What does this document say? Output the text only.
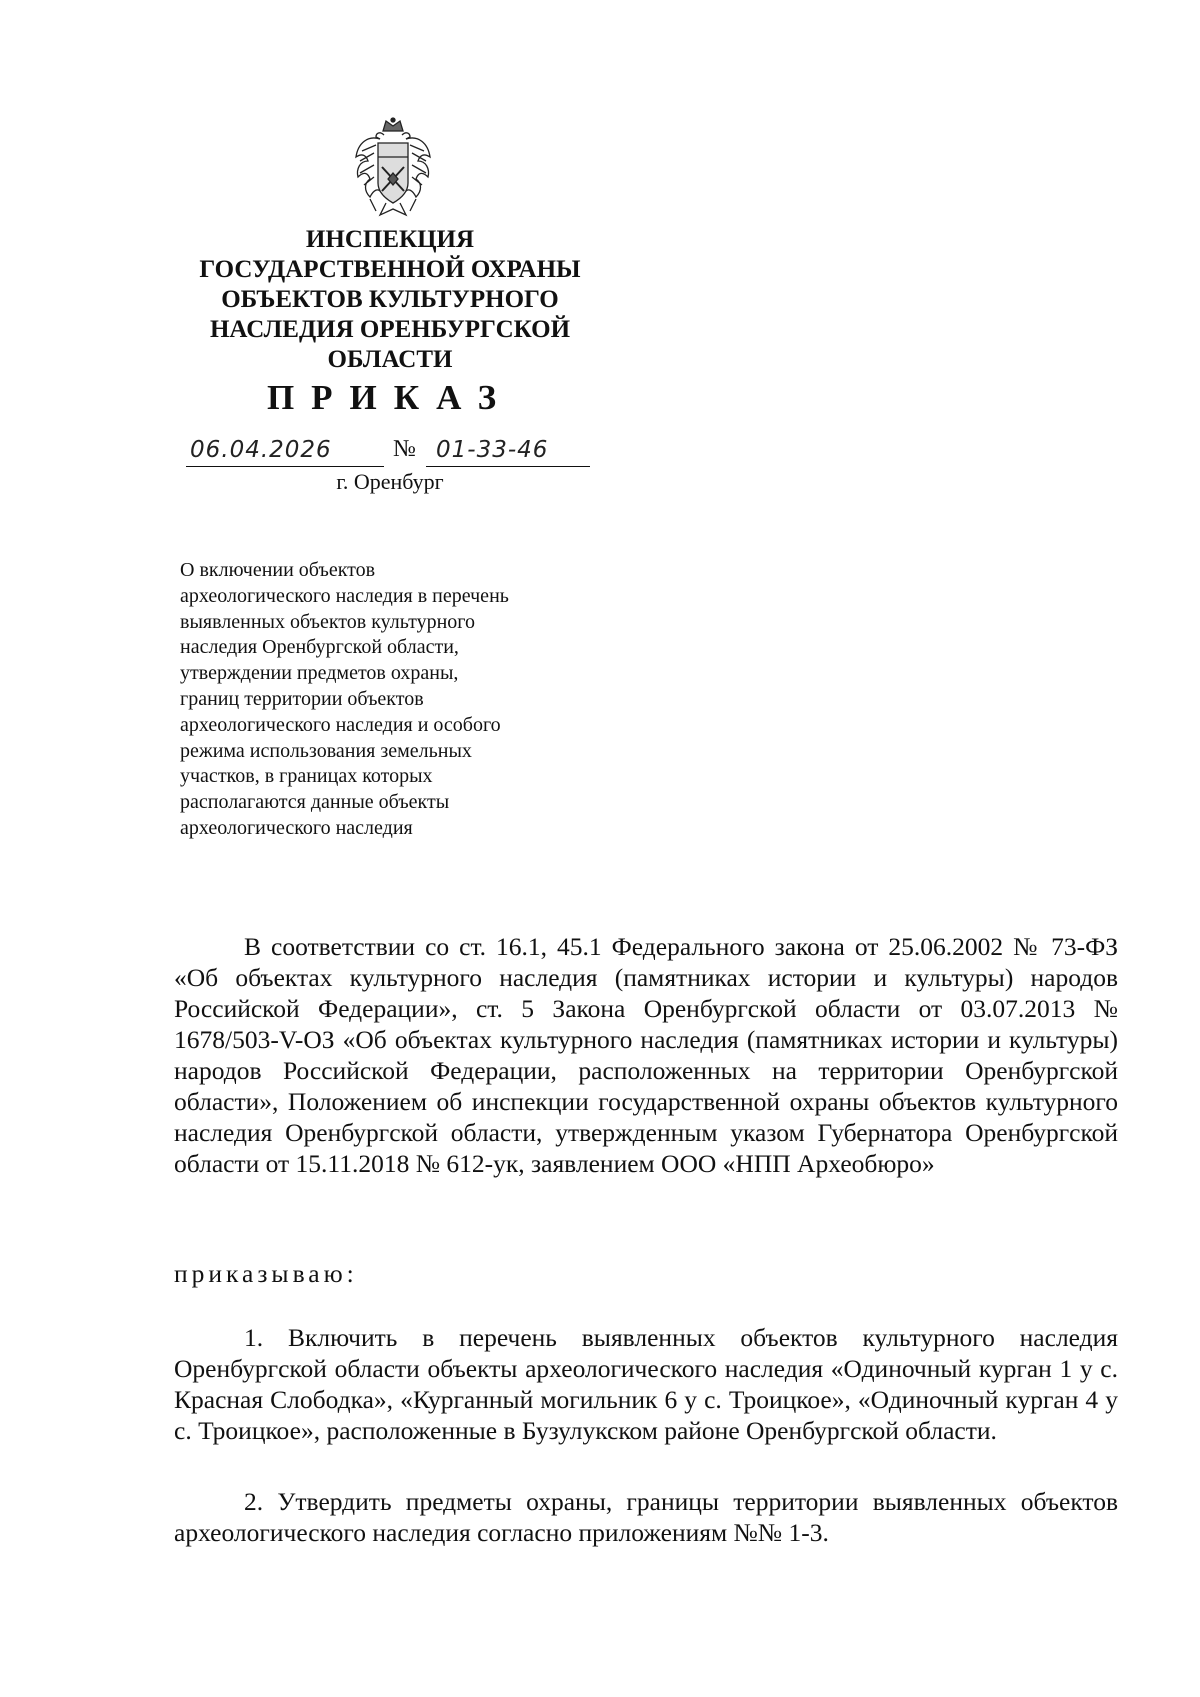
ИНСПЕКЦИЯ
ГОСУДАРСТВЕННОЙ ОХРАНЫ
ОБЪЕКТОВ КУЛЬТУРНОГО
НАСЛЕДИЯ ОРЕНБУРГСКОЙ
ОБЛАСТИ
ПРИКАЗ
06.04.2026	№ 01-33-46
г. Оренбург
О включении объектов
археологического наследия в перечень
выявленных объектов культурного
наследия Оренбургской области,
утверждении предметов охраны,
границ территории объектов
археологического наследия и особого
режима использования земельных
участков, в границах которых
располагаются данные объекты
археологического наследия

В соответствии со ст. 16.1, 45.1 Федерального закона от 25.06.2002 № 73-ФЗ «Об объектах культурного наследия (памятниках истории и культуры) народов Российской Федерации», ст. 5 Закона Оренбургской области от 03.07.2013 № 1678/503-V-ОЗ «Об объектах культурного наследия (памятниках истории и культуры) народов Российской Федерации, расположенных на территории Оренбургской области», Положением об инспекции государственной охраны объектов культурного наследия Оренбургской области, утвержденным указом Губернатора Оренбургской области от 15.11.2018 № 612-ук, заявлением ООО «НПП Археобюро»

приказываю:

1. Включить в перечень выявленных объектов культурного наследия Оренбургской области объекты археологического наследия «Одиночный курган 1 у с. Красная Слободка», «Курганный могильник 6 у с. Троицкое», «Одиночный курган 4 у с. Троицкое», расположенные в Бузулукском районе Оренбургской области.

2. Утвердить предметы охраны, границы территории выявленных объектов археологического наследия согласно приложениям №№ 1-3.
